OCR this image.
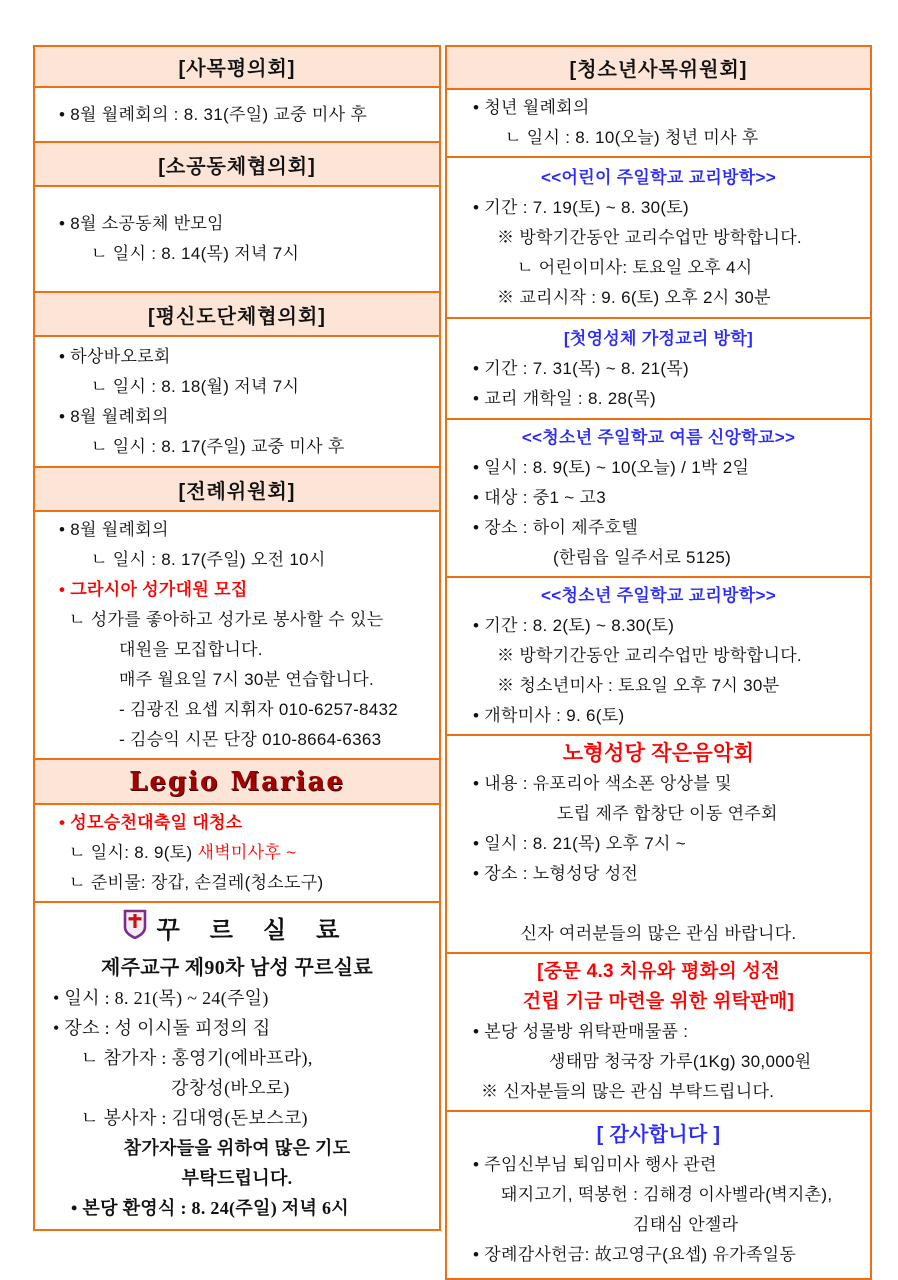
[사목평의회]
• 8월 월례회의 : 8. 31(주일) 교중 미사 후
[소공동체협의회]
• 8월 소공동체 반모임
ㄴ 일시 : 8. 14(목) 저녁 7시
[평신도단체협의회]
• 하상바오로회
ㄴ 일시 : 8. 18(월) 저녁 7시
• 8월 월례회의
ㄴ 일시 : 8. 17(주일) 교중 미사 후
[전례위원회]
• 8월 월례회의
ㄴ 일시 : 8. 17(주일) 오전 10시
• 그라시아 성가대원 모집
ㄴ 성가를 좋아하고 성가로 봉사할 수 있는
대원을 모집합니다.
매주 월요일 7시 30분 연습합니다.
- 김광진 요셉 지휘자 010-6257-8432
- 김승익 시몬 단장 010-8664-6363
Legio Mariae
• 성모승천대축일 대청소
ㄴ 일시: 8. 9(토) 새벽미사후 ~
ㄴ 준비물: 장갑, 손걸레(청소도구)
꾸 르 실 료
제주교구 제90차 남성 꾸르실료
• 일시 : 8. 21(목) ~ 24(주일)
• 장소 : 성 이시돌 피정의 집
ㄴ 참가자 : 홍영기(에바프라),
강창성(바오로)
ㄴ 봉사자 : 김대영(돈보스코)
참가자들을 위하여 많은 기도
부탁드립니다.
• 본당 환영식 : 8. 24(주일) 저녁 6시
[청소년사목위원회]
• 청년 월례회의
ㄴ 일시 : 8. 10(오늘) 청년 미사 후
<<어린이 주일학교 교리방학>>
• 기간 : 7. 19(토) ~ 8. 30(토)
※ 방학기간동안 교리수업만 방학합니다.
ㄴ 어린이미사: 토요일 오후 4시
※ 교리시작 : 9. 6(토) 오후 2시 30분
[첫영성체 가정교리 방학]
• 기간 : 7. 31(목) ~ 8. 21(목)
• 교리 개학일 : 8. 28(목)
<<청소년 주일학교 여름 신앙학교>>
• 일시 : 8. 9(토) ~ 10(오늘) / 1박 2일
• 대상 : 중1 ~ 고3
• 장소 : 하이 제주호텔
(한림읍 일주서로 5125)
<<청소년 주일학교 교리방학>>
• 기간 : 8. 2(토) ~ 8.30(토)
※ 방학기간동안 교리수업만 방학합니다.
※ 청소년미사 : 토요일 오후 7시 30분
• 개학미사 : 9. 6(토)
노형성당 작은음악회
• 내용 : 유포리아 색소폰 앙상블 및
도립 제주 합창단 이동 연주회
• 일시 : 8. 21(목) 오후 7시 ~
• 장소 : 노형성당 성전

신자 여러분들의 많은 관심 바랍니다.
[중문 4.3 치유와 평화의 성전
건립 기금 마련을 위한 위탁판매]
• 본당 성물방 위탁판매물품 :
생태맘 청국장 가루(1Kg) 30,000원
※ 신자분들의 많은 관심 부탁드립니다.
[ 감사합니다 ]
• 주임신부님 퇴임미사 행사 관련
돼지고기, 떡봉헌 : 김해경 이사벨라(벽지촌),
김태심 안젤라
• 장례감사헌금: 故고영구(요셉) 유가족일동
